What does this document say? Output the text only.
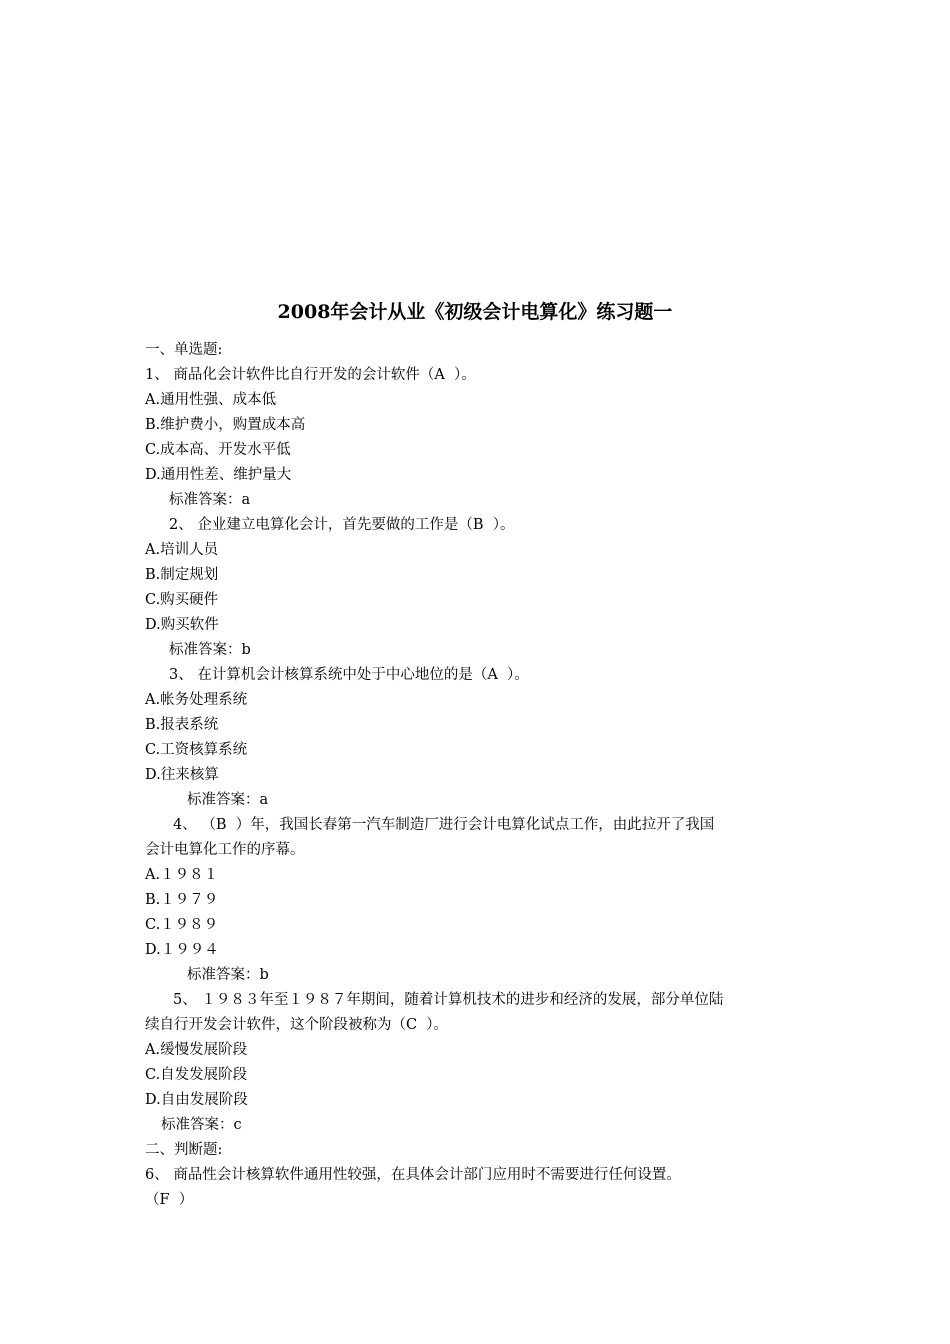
2008年会计从业《初级会计电算化》练习题一
一、单选题:
1、 商品化会计软件比自行开发的会计软件（A  ）。
A.通用性强、成本低
B.维护费小，购置成本高
C.成本高、开发水平低
D.通用性差、维护量大
标准答案：a
2、 企业建立电算化会计，首先要做的工作是（B  ）。
A.培训人员
B.制定规划
C.购买硬件
D.购买软件
标准答案：b
3、 在计算机会计核算系统中处于中心地位的是（A  ）。
A.帐务处理系统
B.报表系统
C.工资核算系统
D.往来核算
标准答案：a
4、 （B  ）年，我国长春第一汽车制造厂进行会计电算化试点工作，由此拉开了我国
会计电算化工作的序幕。
A.１９８１
B.１９７９
C.１９８９
D.１９９４
标准答案：b
5、 １９８３年至１９８７年期间，随着计算机技术的进步和经济的发展，部分单位陆
续自行开发会计软件，这个阶段被称为（C  ）。
A.缓慢发展阶段
C.自发发展阶段
D.自由发展阶段
标准答案：c
二、判断题:
6、 商品性会计核算软件通用性较强，在具体会计部门应用时不需要进行任何设置。
（F  ）
